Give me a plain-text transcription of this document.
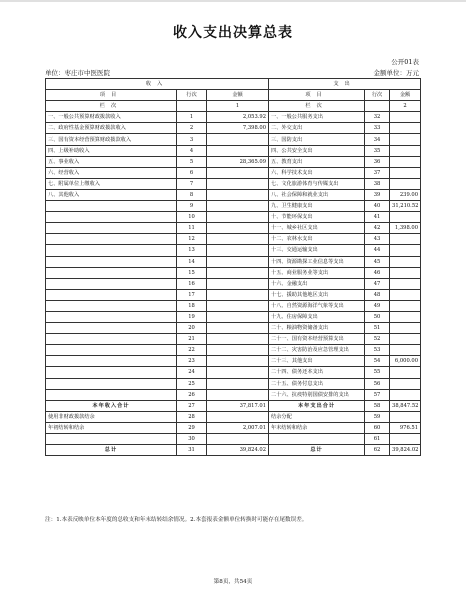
收入支出决算总表
公开01表
单位：枣庄市中医医院	金额单位：万元
收入			支出		
项目	行次	金额	项目	行次	金额
栏次		1	栏次		2
一、一般公共预算财政拨款收入	1	2,053.92	一、一般公共服务支出	32	
二、政府性基金预算财政拨款收入	2	7,398.00	二、外交支出	33	
三、国有资本经营预算财政拨款收入	3		三、国防支出	34	
四、上级补助收入	4		四、公共安全支出	35	
五、事业收入	5	28,365.09	五、教育支出	36	
六、经营收入	6		六、科学技术支出	37	
七、附属单位上缴收入	7		七、文化旅游体育与传媒支出	38	
八、其他收入	8		八、社会保障和就业支出	39	239.00
	9		九、卫生健康支出	40	31,210.52
	10		十、节能环保支出	41	
	11		十一、城乡社区支出	42	1,398.00
	12		十二、农林水支出	43	
	13		十三、交通运输支出	44	
	14		十四、资源勘探工业信息等支出	45	
	15		十五、商业服务业等支出	46	
	16		十六、金融支出	47	
	17		十七、援助其他地区支出	48	
	18		十八、自然资源海洋气象等支出	49	
	19		十九、住房保障支出	50	
	20		二十、粮油物资储备支出	51	
	21		二十一、国有资本经营预算支出	52	
	22		二十二、灾害防治及应急管理支出	53	
	23		二十三、其他支出	54	6,000.00
	24		二十四、债务还本支出	55	
	25		二十五、债务付息支出	56	
	26		二十六、抗疫特别国债安排的支出	57	
本年收入合计	27	37,817.01	本年支出合计	58	38,847.52
使用非财政拨款结余	28		结余分配	59	
年初结转和结余	29	2,007.01	年末结转和结余	60	976.51
	30			61	
总计	31	39,824.02	总计	62	39,824.02
注：1.本表反映单位本年度的总收支和年末结转结余情况。2.本套报表金额单位转换时可能存在尾数误差。
第8页，共54页
